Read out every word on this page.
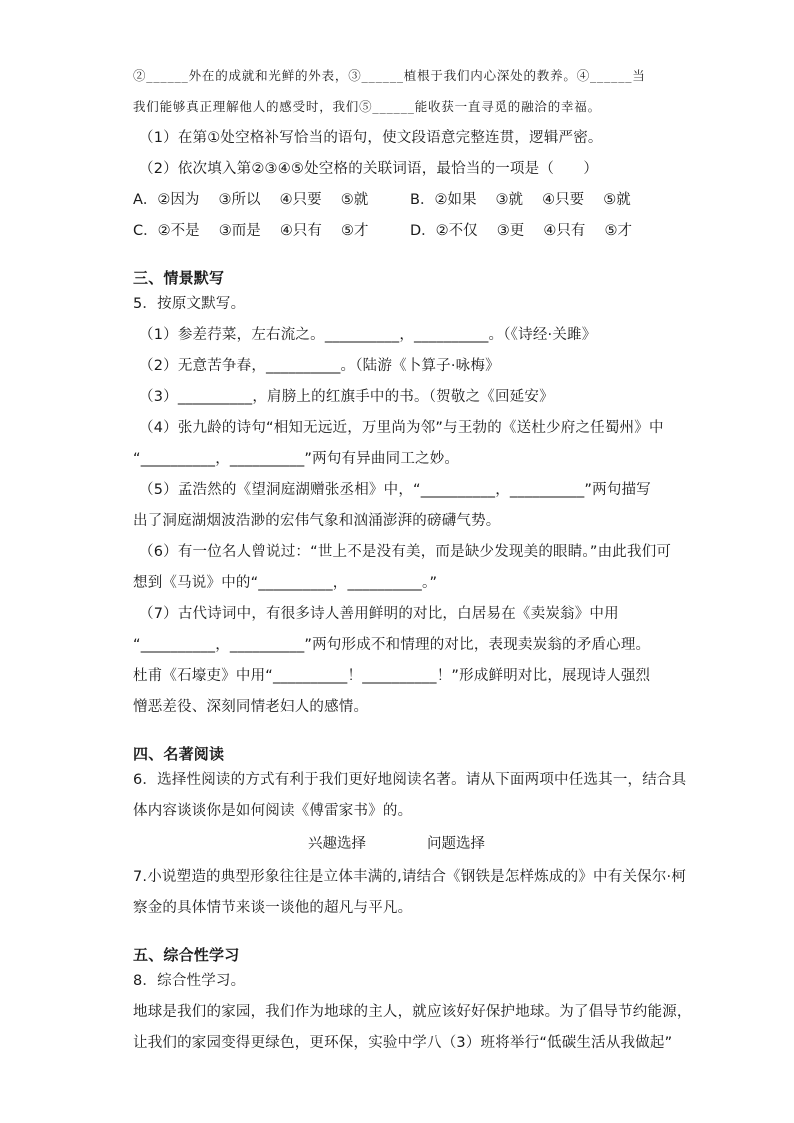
②______外在的成就和光鲜的外表，③______植根于我们内心深处的教养。④______当
我们能够真正理解他人的感受时，我们⑤______能收获一直寻觅的融洽的幸福。
（1）在第①处空格补写恰当的语句，使文段语意完整连贯，逻辑严密。
（2）依次填入第②③④⑤处空格的关联词语，最恰当的一项是（　　）
A．②因为　 ③所以　 ④只要　 ⑤就	B．②如果　 ③就　 ④只要　 ⑤就
C．②不是　 ③而是　 ④只有　 ⑤才	D．②不仅　 ③更　 ④只有　 ⑤才
三、情景默写
5．按原文默写。
（1）参差荇菜，左右流之。__________，__________。（《诗经·关雎》
（2）无意苦争春，__________。（陆游《卜算子·咏梅》
（3）__________，肩膀上的红旗手中的书。（贺敬之《回延安》
（4）张九龄的诗句“相知无远近，万里尚为邻”与王勃的《送杜少府之任蜀州》中
“__________，__________”两句有异曲同工之妙。
（5）孟浩然的《望洞庭湖赠张丞相》中，“__________，__________”两句描写
出了洞庭湖烟波浩渺的宏伟气象和汹涌澎湃的磅礴气势。
（6）有一位名人曾说过：“世上不是没有美，而是缺少发现美的眼睛。”由此我们可
想到《马说》中的“__________，__________。”
（7）古代诗词中，有很多诗人善用鲜明的对比，白居易在《卖炭翁》中用
“__________，__________”两句形成不和情理的对比，表现卖炭翁的矛盾心理。
杜甫《石壕吏》中用“__________！__________！”形成鲜明对比，展现诗人强烈
憎恶差役、深刻同情老妇人的感情。
四、名著阅读
6．选择性阅读的方式有利于我们更好地阅读名著。请从下面两项中任选其一，结合具
体内容谈谈你是如何阅读《傅雷家书》的。
兴趣选择	问题选择
7.小说塑造的典型形象往往是立体丰满的,请结合《钢铁是怎样炼成的》中有关保尔·柯
察金的具体情节来谈一谈他的超凡与平凡。
五、综合性学习
8．综合性学习。
地球是我们的家园，我们作为地球的主人，就应该好好保护地球。为了倡导节约能源，
让我们的家园变得更绿色，更环保，实验中学八（3）班将举行“低碳生活从我做起”
